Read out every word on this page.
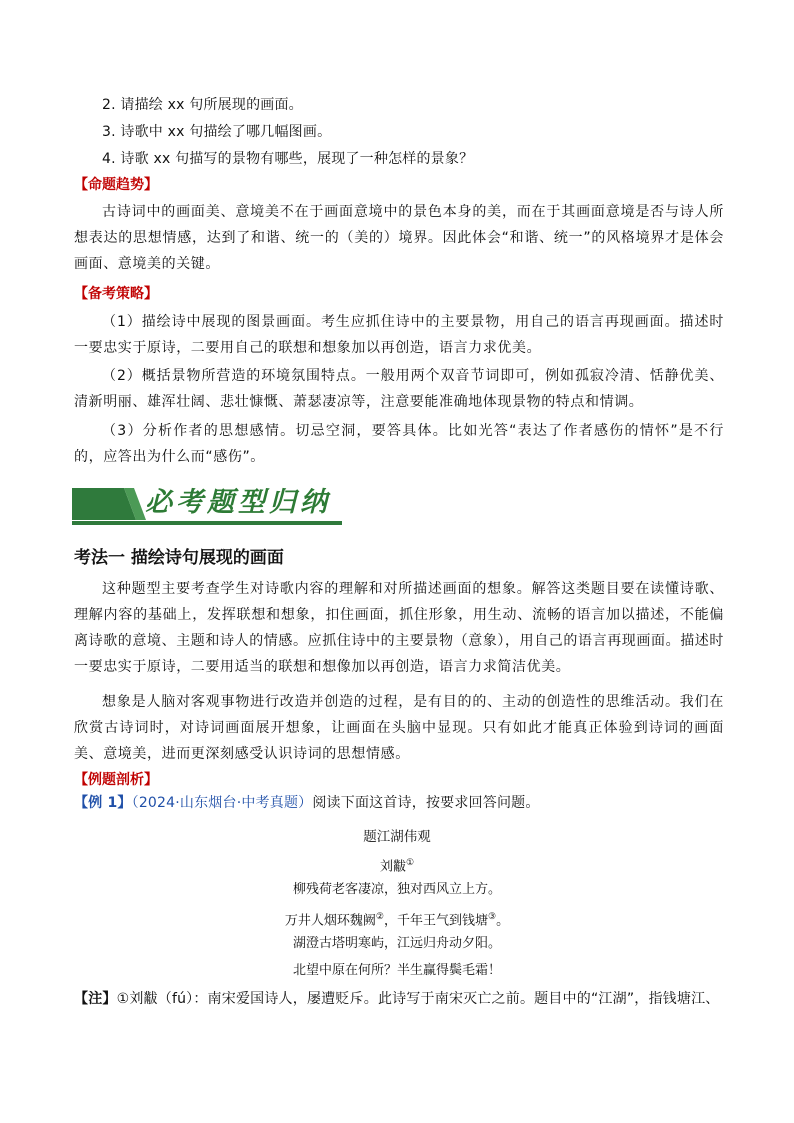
2. 请描绘 xx 句所展现的画面。
3. 诗歌中 xx 句描绘了哪几幅图画。
4. 诗歌 xx 句描写的景物有哪些，展现了一种怎样的景象？
【命题趋势】
古诗词中的画面美、意境美不在于画面意境中的景色本身的美，而在于其画面意境是否与诗人所想表达的思想情感，达到了和谐、统一的（美的）境界。因此体会“和谐、统一”的风格境界才是体会画面、意境美的关键。
【备考策略】
（1）描绘诗中展现的图景画面。考生应抓住诗中的主要景物，用自己的语言再现画面。描述时一要忠实于原诗，二要用自己的联想和想象加以再创造，语言力求优美。
（2）概括景物所营造的环境氛围特点。一般用两个双音节词即可，例如孤寂冷清、恬静优美、清新明丽、雄浑壮阔、悲壮慷慨、萧瑟凄凉等，注意要能准确地体现景物的特点和情调。
（3）分析作者的思想感情。切忌空洞，要答具体。比如光答“表达了作者感伤的情怀”是不行的，应答出为什么而“感伤”。
必考题型归纳
考法一 描绘诗句展现的画面
这种题型主要考查学生对诗歌内容的理解和对所描述画面的想象。解答这类题目要在读懂诗歌、理解内容的基础上，发挥联想和想象，扣住画面，抓住形象，用生动、流畅的语言加以描述，不能偏离诗歌的意境、主题和诗人的情感。应抓住诗中的主要景物（意象），用自己的语言再现画面。描述时一要忠实于原诗，二要用适当的联想和想像加以再创造，语言力求简洁优美。
想象是人脑对客观事物进行改造并创造的过程，是有目的的、主动的创造性的思维活动。我们在欣赏古诗词时，对诗词画面展开想象，让画面在头脑中显现。只有如此才能真正体验到诗词的画面美、意境美，进而更深刻感受认识诗词的思想情感。
【例题剖析】
【例 1】（2024·山东烟台·中考真题）阅读下面这首诗，按要求回答问题。
题江湖伟观
刘黻①
柳残荷老客凄凉，独对西风立上方。
万井人烟环魏阙②，千年王气到钱塘③。
湖澄古塔明寒屿，江远归舟动夕阳。
北望中原在何所？半生赢得鬓毛霜！
【注】①刘黻（fú）：南宋爱国诗人，屡遭贬斥。此诗写于南宋灭亡之前。题目中的“江湖”，指钱塘江、
